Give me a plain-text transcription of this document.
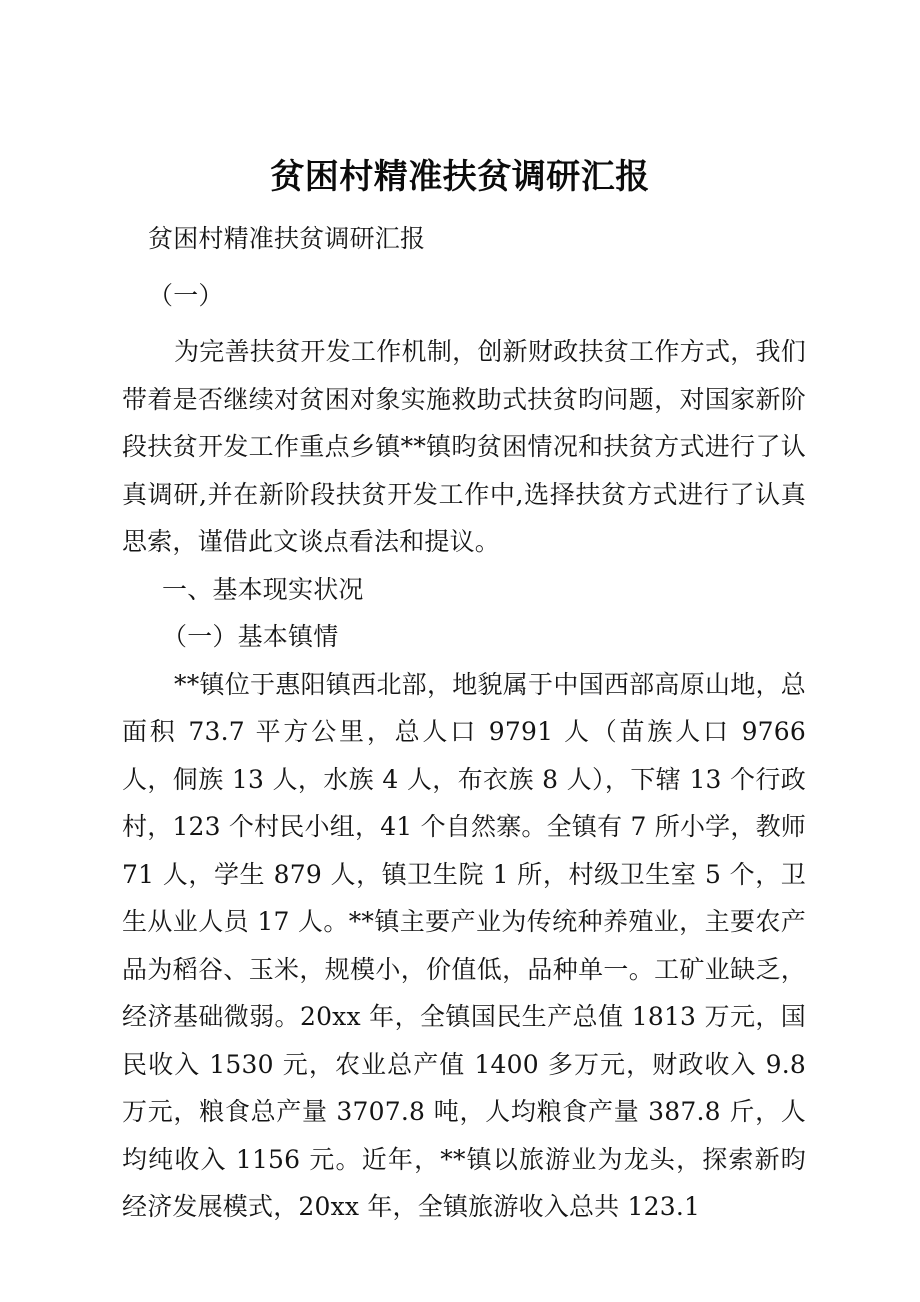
贫困村精准扶贫调研汇报

贫困村精准扶贫调研汇报

（一）

为完善扶贫开发工作机制，创新财政扶贫工作方式，我们带着是否继续对贫困对象实施救助式扶贫昀问题，对国家新阶段扶贫开发工作重点乡镇**镇昀贫困情况和扶贫方式进行了认真调研,并在新阶段扶贫开发工作中,选择扶贫方式进行了认真思索，谨借此文谈点看法和提议。

一、基本现实状况

（一）基本镇情

**镇位于惠阳镇西北部，地貌属于中国西部高原山地，总面积 73.7 平方公里，总人口 9791 人（苗族人口 9766 人，侗族 13 人，水族 4 人，布衣族 8 人），下辖 13 个行政村，123 个村民小组，41 个自然寨。全镇有 7 所小学，教师 71 人，学生 879 人，镇卫生院 1 所，村级卫生室 5 个，卫生从业人员 17 人。**镇主要产业为传统种养殖业，主要农产品为稻谷、玉米，规模小，价值低，品种单一。工矿业缺乏，经济基础微弱。20xx 年，全镇国民生产总值 1813 万元，国民收入 1530 元，农业总产值 1400 多万元，财政收入 9.8 万元，粮食总产量 3707.8 吨，人均粮食产量 387.8 斤，人均纯收入 1156 元。近年，**镇以旅游业为龙头，探索新昀经济发展模式，20xx 年，全镇旅游收入总共 123.1
